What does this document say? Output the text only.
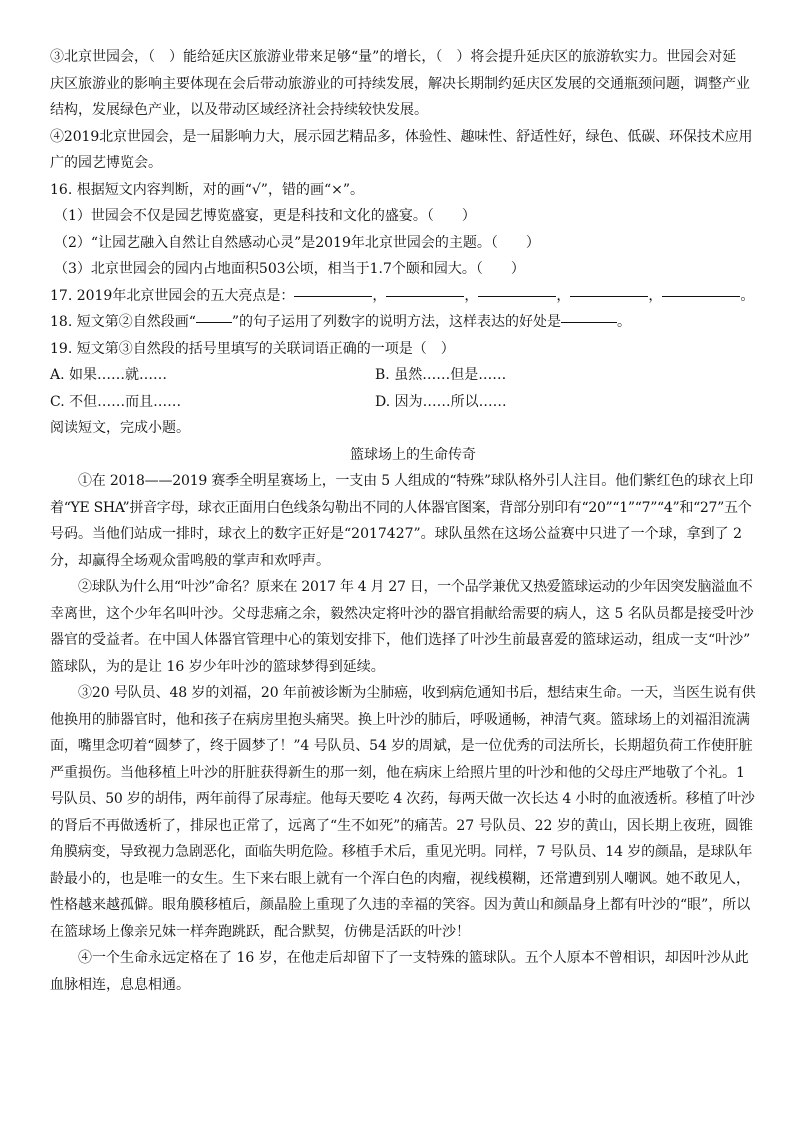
③北京世园会，（　）能给延庆区旅游业带来足够“量”的增长，（　）将会提升延庆区的旅游软实力。世园会对延
庆区旅游业的影响主要体现在会后带动旅游业的可持续发展，解决长期制约延庆区发展的交通瓶颈问题，调整产业
结构，发展绿色产业，以及带动区域经济社会持续较快发展。
④2019北京世园会，是一届影响力大，展示园艺精品多，体验性、趣味性、舒适性好，绿色、低碳、环保技术应用
广的园艺博览会。
16. 根据短文内容判断，对的画“√”，错的画“×”。
（1）世园会不仅是园艺博览盛宴，更是科技和文化的盛宴。（　　）
（2）“让园艺融入自然让自然感动心灵”是2019年北京世园会的主题。（　　）
（3）北京世园会的园内占地面积503公顷，相当于1.7个颐和园大。（　　）
17. 2019年北京世园会的五大亮点是：	，	，	，	，	。
18. 短文第②自然段画“	”的句子运用了列数字的说明方法，这样表达的好处是	。
19. 短文第③自然段的括号里填写的关联词语正确的一项是（　）
A. 如果……就……	B. 虽然……但是……
C. 不但……而且……	D. 因为……所以……
阅读短文，完成小题。
篮球场上的生命传奇
①在 2018——2019 赛季全明星赛场上，一支由 5 人组成的“特殊”球队格外引人注目。他们紫红色的球衣上印
着“YE SHA”拼音字母，球衣正面用白色线条勾勒出不同的人体器官图案，背部分别印有“20”“1”“7”“4”和“27”五个
号码。当他们站成一排时，球衣上的数字正好是“2017427”。球队虽然在这场公益赛中只进了一个球，拿到了 2
分，却赢得全场观众雷鸣般的掌声和欢呼声。
②球队为什么用“叶沙”命名？原来在 2017 年 4 月 27 日，一个品学兼优又热爱篮球运动的少年因突发脑溢血不
幸离世，这个少年名叫叶沙。父母悲痛之余，毅然决定将叶沙的器官捐献给需要的病人，这 5 名队员都是接受叶沙
器官的受益者。在中国人体器官管理中心的策划安排下，他们选择了叶沙生前最喜爱的篮球运动，组成一支“叶沙”
篮球队，为的是让 16 岁少年叶沙的篮球梦得到延续。
③20 号队员、48 岁的刘福，20 年前被诊断为尘肺癌，收到病危通知书后，想结束生命。一天，当医生说有供
他换用的肺器官时，他和孩子在病房里抱头痛哭。换上叶沙的肺后，呼吸通畅，神清气爽。篮球场上的刘福泪流满
面，嘴里念叨着“圆梦了，终于圆梦了！”4 号队员、54 岁的周斌，是一位优秀的司法所长，长期超负荷工作使肝脏
严重损伤。当他移植上叶沙的肝脏获得新生的那一刻，他在病床上给照片里的叶沙和他的父母庄严地敬了个礼。1
号队员、50 岁的胡伟，两年前得了尿毒症。他每天要吃 4 次药，每两天做一次长达 4 小时的血液透析。移植了叶沙
的肾后不再做透析了，排尿也正常了，远离了“生不如死”的痛苦。27 号队员、22 岁的黄山，因长期上夜班，圆锥
角膜病变，导致视力急剧恶化，面临失明危险。移植手术后，重见光明。同样，7 号队员、14 岁的颜晶，是球队年
龄最小的，也是唯一的女生。生下来右眼上就有一个浑白色的肉瘤，视线模糊，还常遭到别人嘲讽。她不敢见人，
性格越来越孤僻。眼角膜移植后，颜晶脸上重现了久违的幸福的笑容。因为黄山和颜晶身上都有叶沙的“眼”，所以
在篮球场上像亲兄妹一样奔跑跳跃，配合默契，仿佛是活跃的叶沙！
④一个生命永远定格在了 16 岁，在他走后却留下了一支特殊的篮球队。五个人原本不曾相识，却因叶沙从此
血脉相连，息息相通。
